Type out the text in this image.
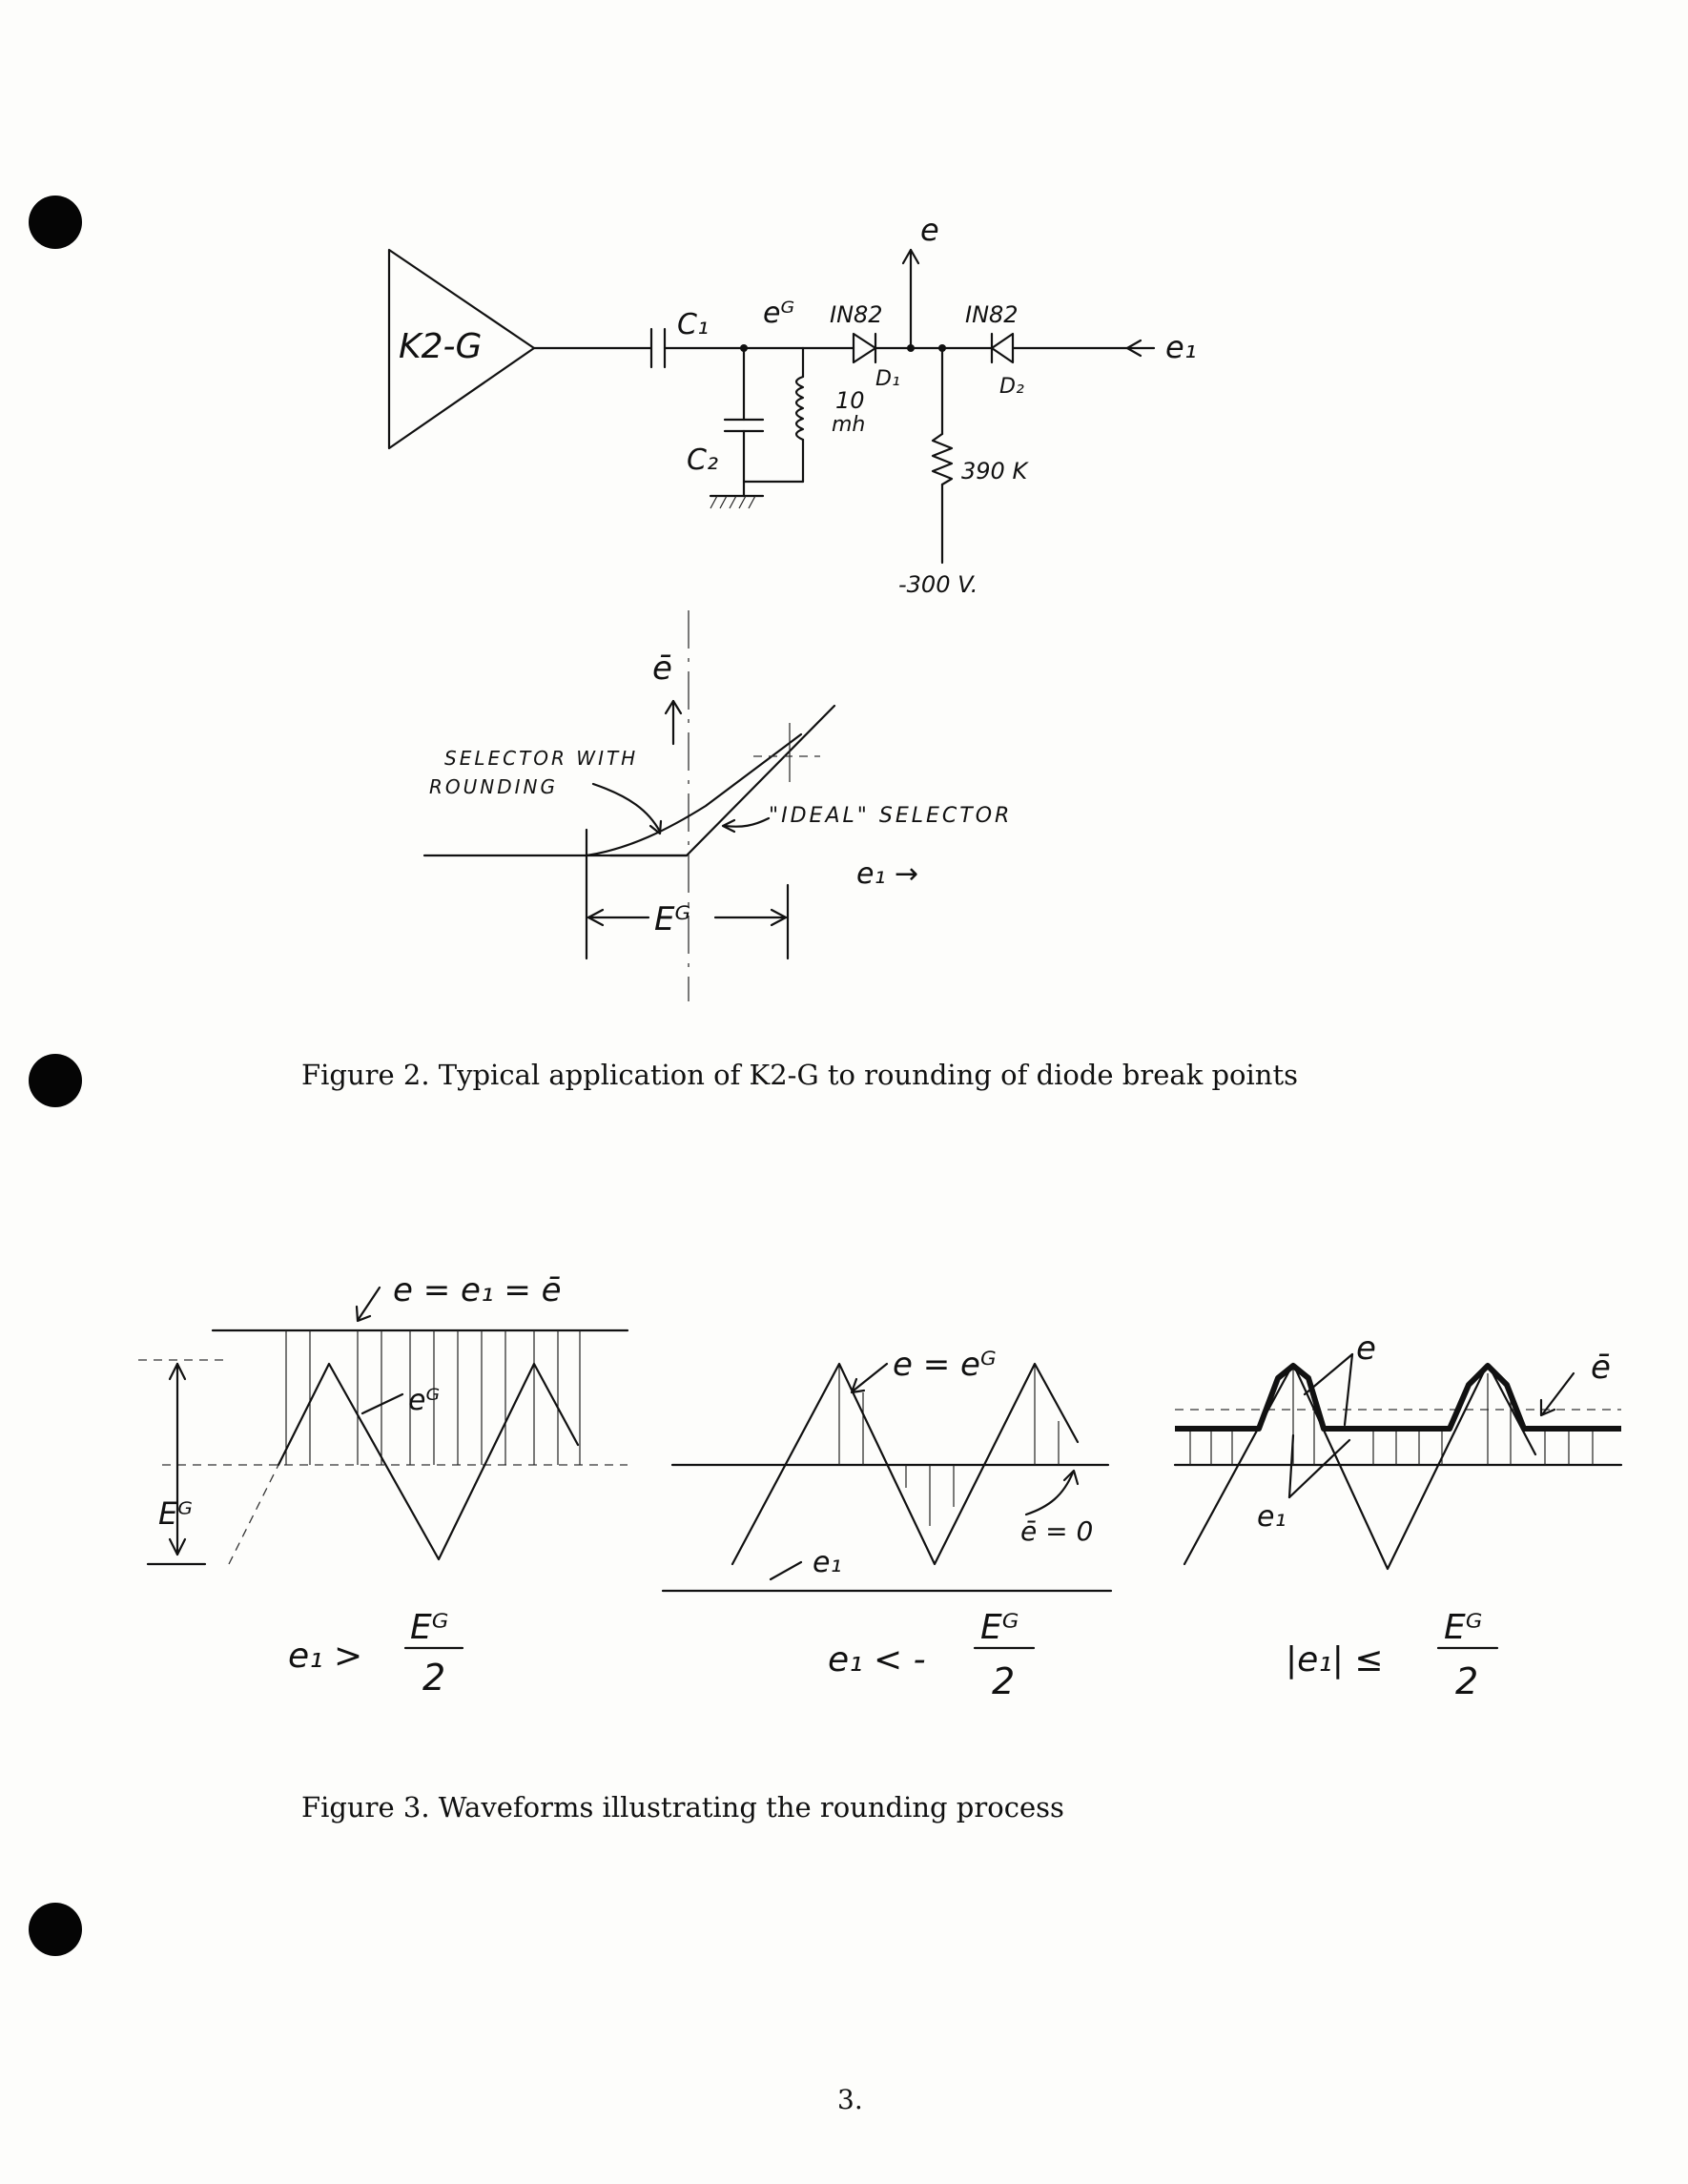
K2-G
C₁ eᴳ
C₂
10
mh
IN82
D₁
e
390 K
-300 V.
IN82
D₂
e₁
ē
SELECTOR WITH
ROUNDING
"IDEAL" SELECTOR
e₁ →
Eᴳ
e = e₁ = ē
eᴳ
Eᴳ
e₁ >
Eᴳ
2
e = eᴳ
ē = 0
e₁
e₁ < -
Eᴳ
2
e	ē
e₁
|e₁| ≤
Eᴳ
2
Figure 2. Typical application of K2-G to rounding of diode break points
Figure 3. Waveforms illustrating the rounding process
3.
